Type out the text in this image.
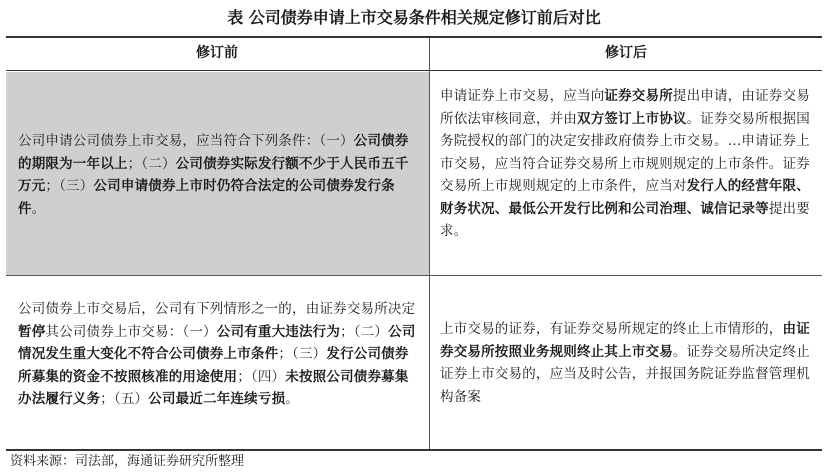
表 公司债券申请上市交易条件相关规定修订前后对比
修订前	修订后
公司申请公司债券上市交易，应当符合下列条件：（一）公司债券的期限为一年以上；（二）公司债券实际发行额不少于人民币五千万元；（三）公司申请债券上市时仍符合法定的公司债券发行条件。
申请证券上市交易，应当向证券交易所提出申请，由证券交易所依法审核同意，并由双方签订上市协议。证券交易所根据国务院授权的部门的决定安排政府债券上市交易。…申请证券上市交易，应当符合证券交易所上市规则规定的上市条件。证券交易所上市规则规定的上市条件，应当对发行人的经营年限、财务状况、最低公开发行比例和公司治理、诚信记录等提出要求。
公司债券上市交易后，公司有下列情形之一的，由证券交易所决定暂停其公司债券上市交易：（一）公司有重大违法行为；（二）公司情况发生重大变化不符合公司债券上市条件；（三）发行公司债券所募集的资金不按照核准的用途使用；（四）未按照公司债券募集办法履行义务；（五）公司最近二年连续亏损。
上市交易的证券，有证券交易所规定的终止上市情形的，由证券交易所按照业务规则终止其上市交易。证券交易所决定终止证券上市交易的，应当及时公告，并报国务院证券监督管理机构备案
资料来源：司法部，海通证券研究所整理
